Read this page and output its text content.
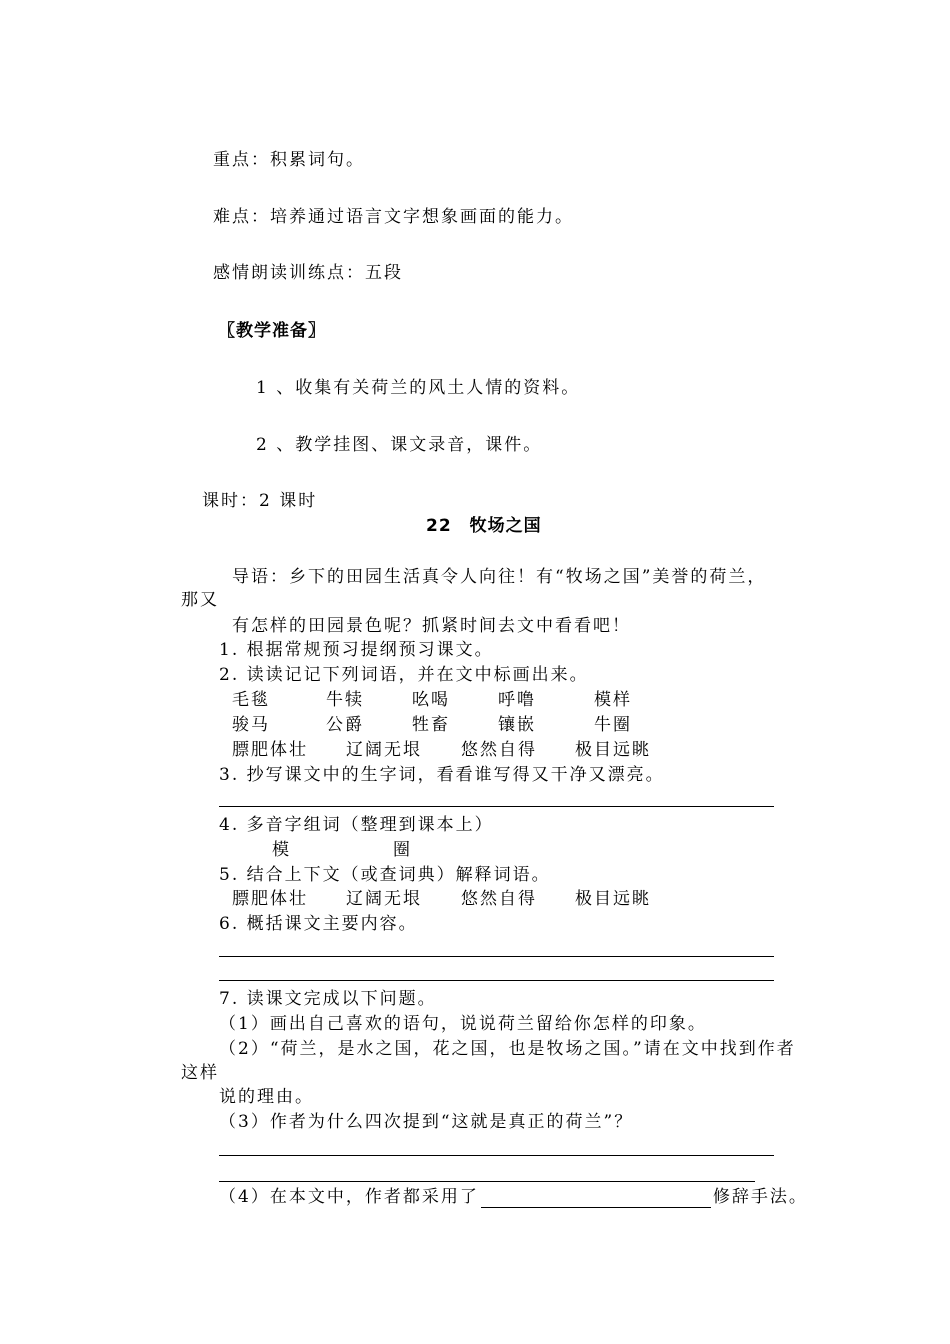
重点：积累词句。
难点：培养通过语言文字想象画面的能力。
感情朗读训练点：五段
〖教学准备〗
1 、收集有关荷兰的风土人情的资料。
2 、教学挂图、课文录音，课件。
课时：2 课时
22　牧场之国
导语：乡下的田园生活真令人向往！有“牧场之国”美誉的荷兰，
那又
有怎样的田园景色呢？抓紧时间去文中看看吧！
1. 根据常规预习提纲预习课文。
2. 读读记记下列词语，并在文中标画出来。
毛毯	牛犊	吆喝	呼噜	模样
骏马	公爵	牲畜	镶嵌	牛圈
膘肥体壮 辽阔无垠 悠然自得 极目远眺
3. 抄写课文中的生字词，看看谁写得又干净又漂亮。
4. 多音字组词（整理到课本上）
模	圈
5. 结合上下文（或查词典）解释词语。
膘肥体壮 辽阔无垠 悠然自得 极目远眺
6. 概括课文主要内容。
7. 读课文完成以下问题。
（1）画出自己喜欢的语句，说说荷兰留给你怎样的印象。
（2）“荷兰，是水之国，花之国，也是牧场之国。”请在文中找到作者
这样
说的理由。
（3）作者为什么四次提到“这就是真正的荷兰”？
（4）在本文中，作者都采用了	修辞手法。
